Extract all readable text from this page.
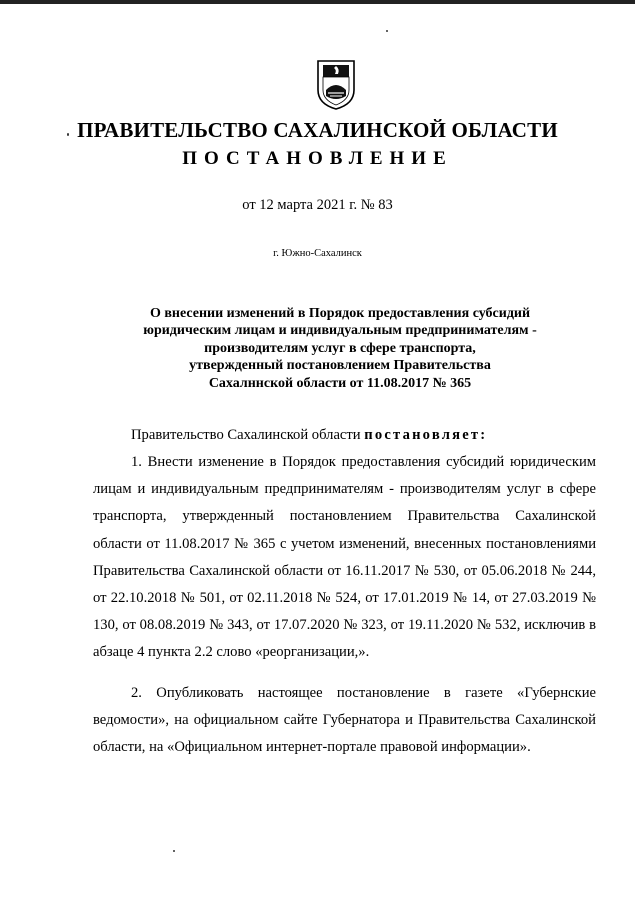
ПРАВИТЕЛЬСТВО САХАЛИНСКОЙ ОБЛАСТИ
ПОСТАНОВЛЕНИЕ
от 12 марта 2021 г. № 83
г. Южно-Сахалинск
О внесении изменений в Порядок предоставления субсидий
юридическим лицам и индивидуальным предпринимателям -
производителям услуг в сфере транспорта,
утвержденный постановлением Правительства
Сахалннской области от 11.08.2017 № 365

Правительство Сахалинской области постановляет:

1. Внести изменение в Порядок предоставления субсидий юридическим лицам и индивидуальным предпринимателям - производителям услуг в сфере транспорта, утвержденный постановлением Правительства Сахалинской области от 11.08.2017 № 365 с учетом изменений, внесенных постановлениями Правительства Сахалинской области от 16.11.2017 № 530, от 05.06.2018 № 244, от 22.10.2018 № 501, от 02.11.2018 № 524, от 17.01.2019 № 14, от 27.03.2019 № 130, от 08.08.2019 № 343, от 17.07.2020 № 323, от 19.11.2020 № 532, исключив в абзаце 4 пункта 2.2 слово «реорганизации,».

2. Опубликовать настоящее постановление в газете «Губернские ведомости», на официальном сайте Губернатора и Правительства Сахалинской области, на «Официальном интернет-портале правовой информации».
